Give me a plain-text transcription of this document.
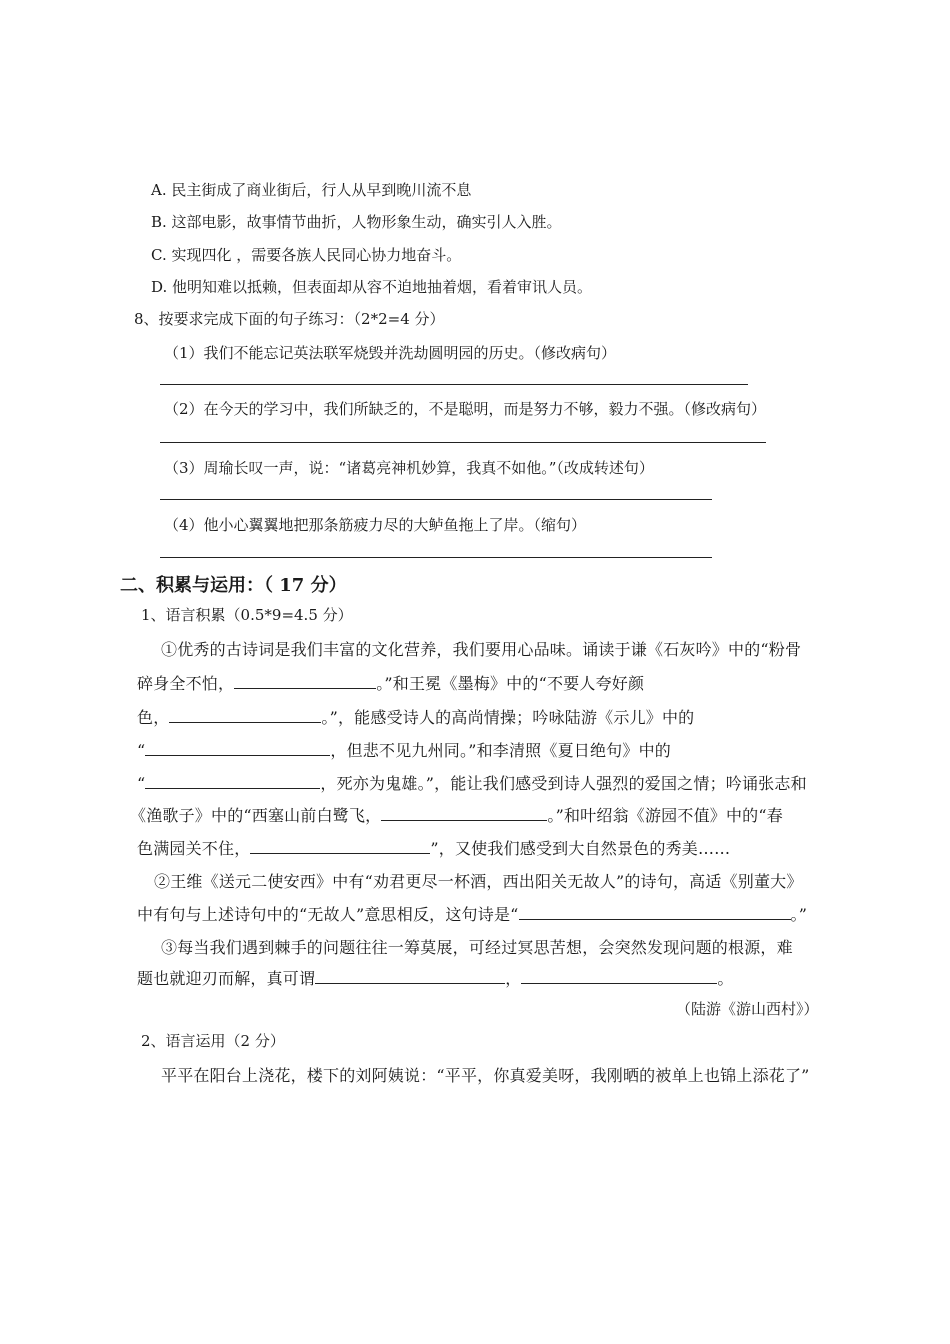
A. 民主街成了商业街后，行人从早到晚川流不息
B. 这部电影，故事情节曲折，人物形象生动，确实引人入胜。
C. 实现四化 ，需要各族人民同心协力地奋斗。
D. 他明知难以抵赖，但表面却从容不迫地抽着烟，看着审讯人员。
8、按要求完成下面的句子练习：（2*2=4 分）
（1）我们不能忘记英法联军烧毁并洗劫圆明园的历史。（修改病句）
（2）在今天的学习中，我们所缺乏的，不是聪明，而是努力不够，毅力不强。（修改病句）
（3）周瑜长叹一声，说：“诸葛亮神机妙算，我真不如他。”（改成转述句）
（4）他小心翼翼地把那条筋疲力尽的大鲈鱼拖上了岸。（缩句）
二、积累与运用：（ 17 分）
1、语言积累（0.5*9=4.5 分）
①优秀的古诗词是我们丰富的文化营养，我们要用心品味。诵读于谦《石灰吟》中的“粉骨
碎身全不怕，	。”和王冕《墨梅》中的“不要人夸好颜
色，	。”，能感受诗人的高尚情操；吟咏陆游《示儿》中的
“	，但悲不见九州同。”和李清照《夏日绝句》中的
“	，死亦为鬼雄。”，能让我们感受到诗人强烈的爱国之情；吟诵张志和
《渔歌子》中的“西塞山前白鹭飞，	。”和叶绍翁《游园不值》中的“春
色满园关不住，	”，又使我们感受到大自然景色的秀美……
②王维《送元二使安西》中有“劝君更尽一杯酒，西出阳关无故人”的诗句，高适《别董大》
中有句与上述诗句中的“无故人”意思相反，这句诗是“	。”
③每当我们遇到棘手的问题往往一筹莫展，可经过冥思苦想，会突然发现问题的根源，难
题也就迎刃而解，真可谓	，	。
（陆游《游山西村》）
2、语言运用（2 分）
平平在阳台上浇花，楼下的刘阿姨说：“平平，你真爱美呀，我刚晒的被单上也锦上添花了”
